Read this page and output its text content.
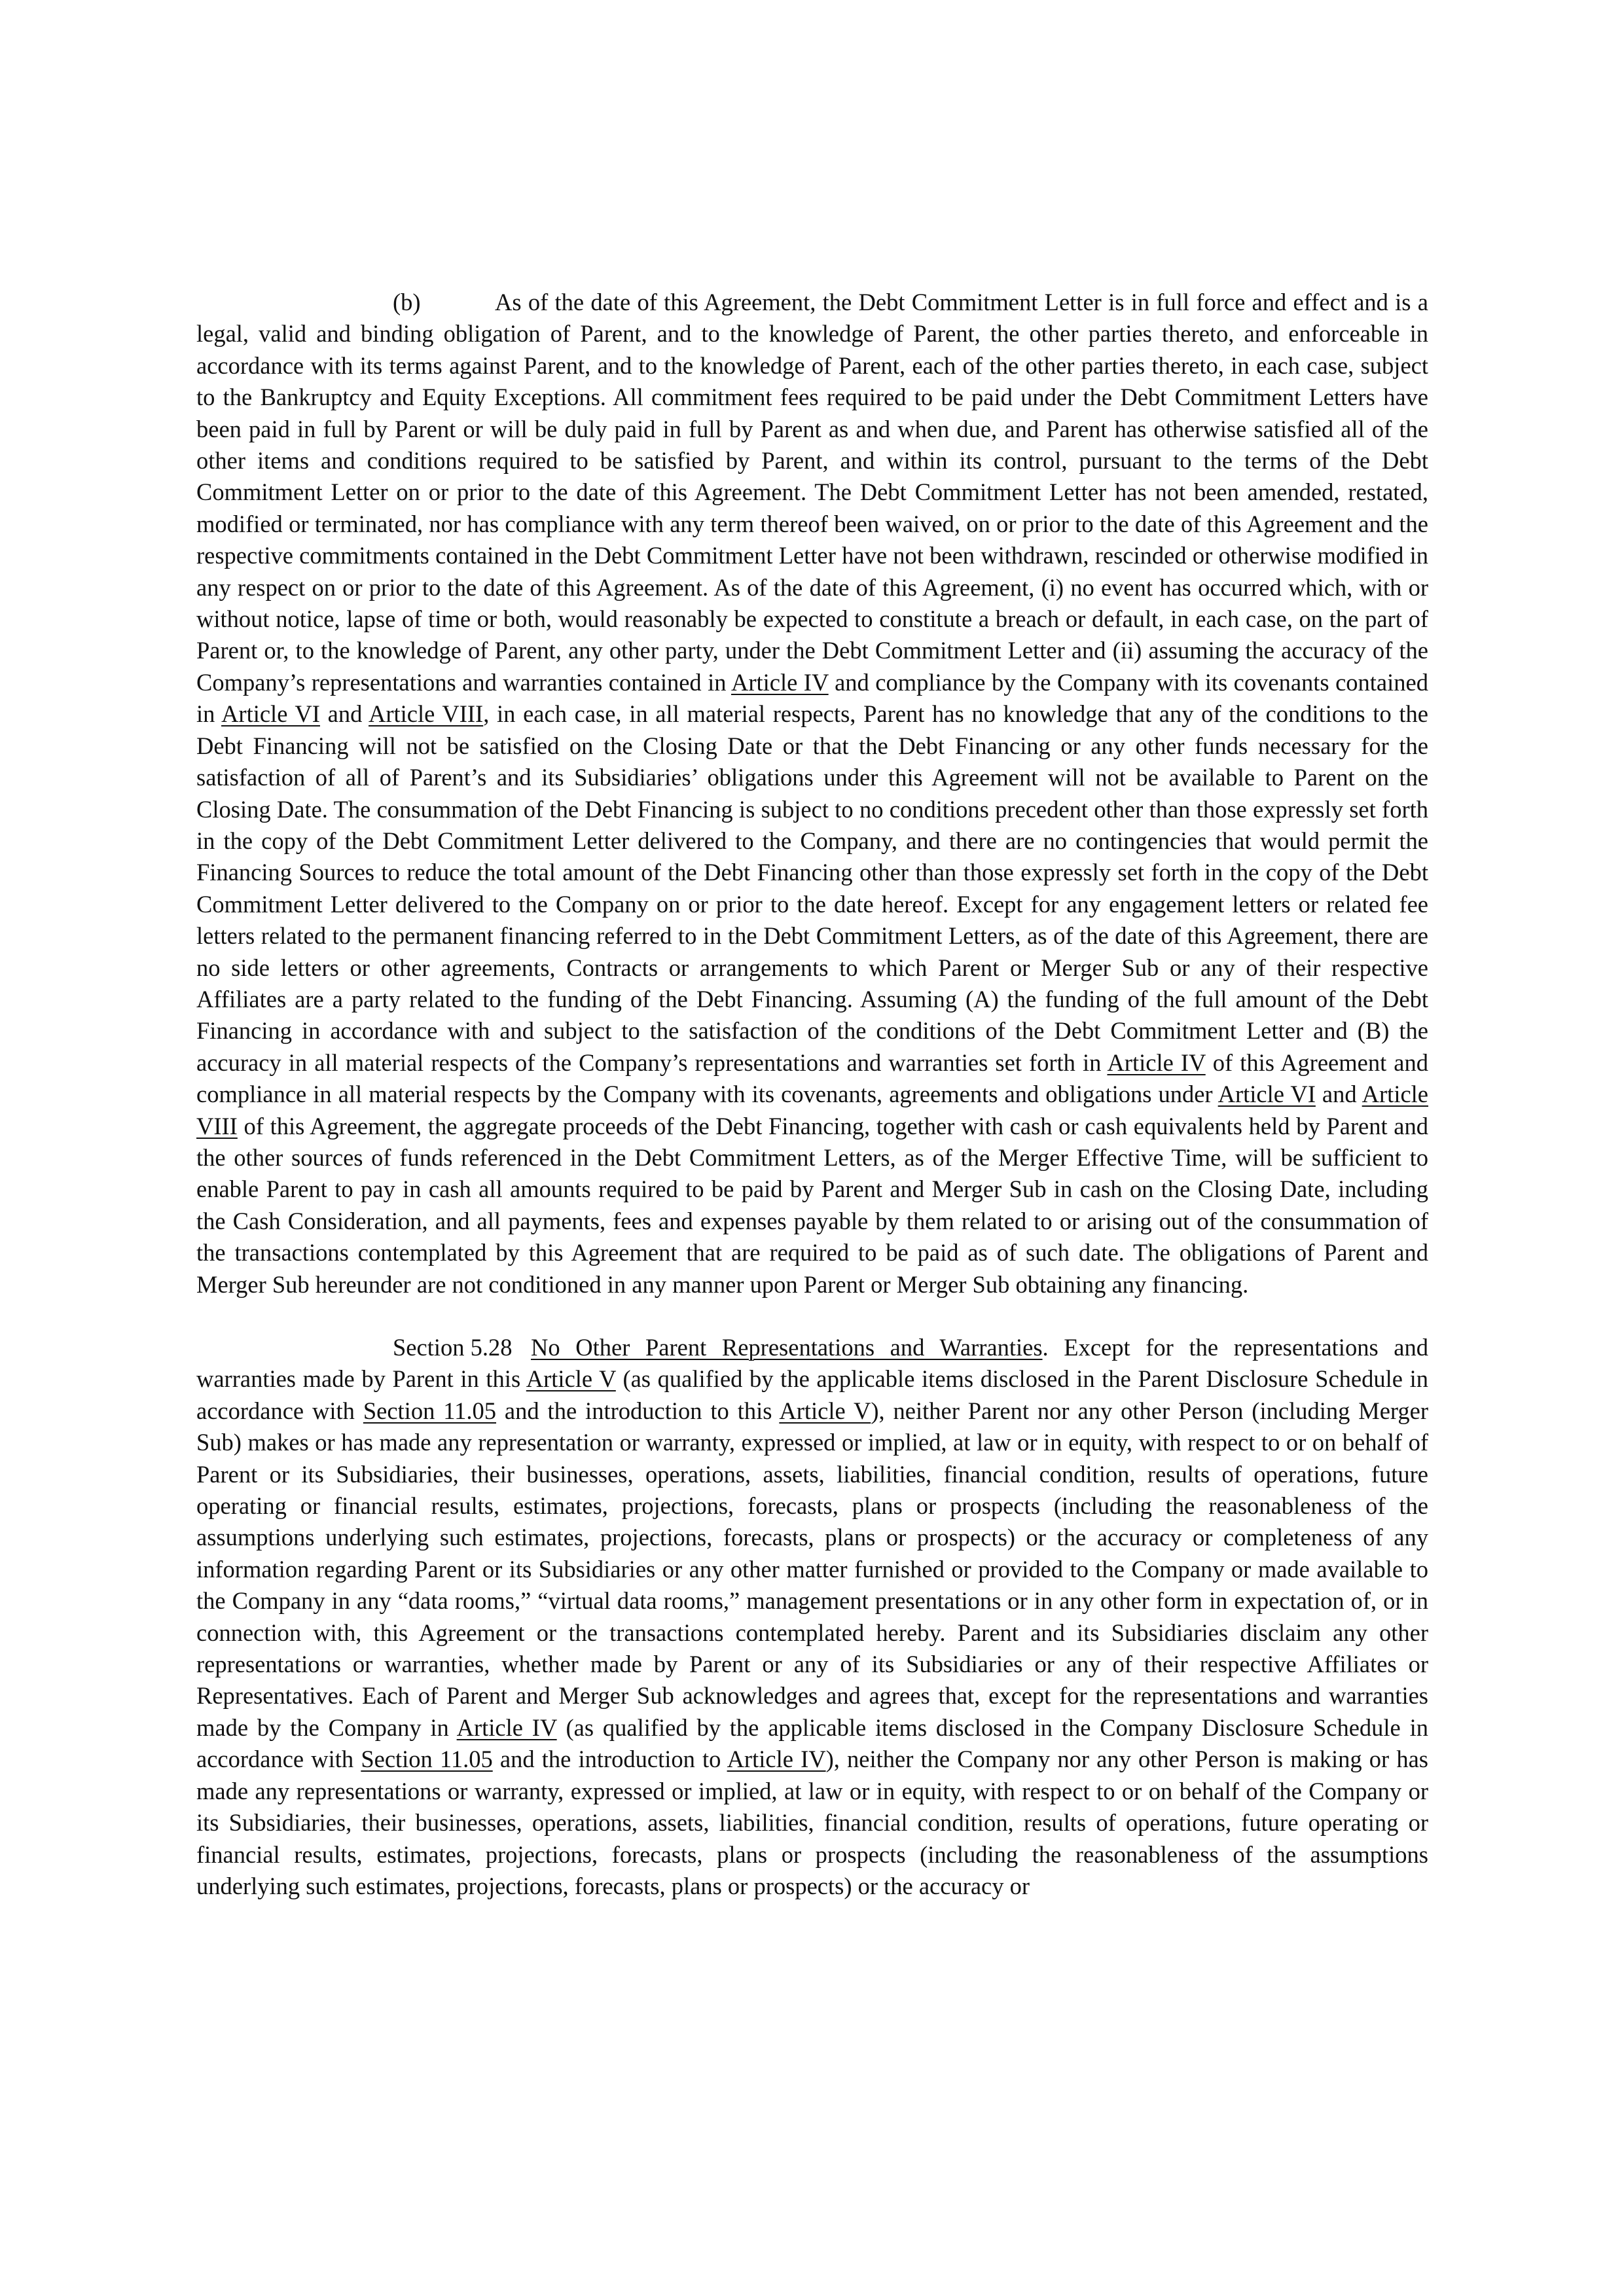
(b)	As of the date of this Agreement, the Debt Commitment Letter is in full force and effect and is a legal, valid and binding obligation of Parent, and to the knowledge of Parent, the other parties thereto, and enforceable in accordance with its terms against Parent, and to the knowledge of Parent, each of the other parties thereto, in each case, subject to the Bankruptcy and Equity Exceptions. All commitment fees required to be paid under the Debt Commitment Letters have been paid in full by Parent or will be duly paid in full by Parent as and when due, and Parent has otherwise satisfied all of the other items and conditions required to be satisfied by Parent, and within its control, pursuant to the terms of the Debt Commitment Letter on or prior to the date of this Agreement. The Debt Commitment Letter has not been amended, restated, modified or terminated, nor has compliance with any term thereof been waived, on or prior to the date of this Agreement and the respective commitments contained in the Debt Commitment Letter have not been withdrawn, rescinded or otherwise modified in any respect on or prior to the date of this Agreement. As of the date of this Agreement, (i) no event has occurred which, with or without notice, lapse of time or both, would reasonably be expected to constitute a breach or default, in each case, on the part of Parent or, to the knowledge of Parent, any other party, under the Debt Commitment Letter and (ii) assuming the accuracy of the Company’s representations and warranties contained in Article IV and compliance by the Company with its covenants contained in Article VI and Article VIII, in each case, in all material respects, Parent has no knowledge that any of the conditions to the Debt Financing will not be satisfied on the Closing Date or that the Debt Financing or any other funds necessary for the satisfaction of all of Parent’s and its Subsidiaries’ obligations under this Agreement will not be available to Parent on the Closing Date. The consummation of the Debt Financing is subject to no conditions precedent other than those expressly set forth in the copy of the Debt Commitment Letter delivered to the Company, and there are no contingencies that would permit the Financing Sources to reduce the total amount of the Debt Financing other than those expressly set forth in the copy of the Debt Commitment Letter delivered to the Company on or prior to the date hereof. Except for any engagement letters or related fee letters related to the permanent financing referred to in the Debt Commitment Letters, as of the date of this Agreement, there are no side letters or other agreements, Contracts or arrangements to which Parent or Merger Sub or any of their respective Affiliates are a party related to the funding of the Debt Financing. Assuming (A) the funding of the full amount of the Debt Financing in accordance with and subject to the satisfaction of the conditions of the Debt Commitment Letter and (B) the accuracy in all material respects of the Company’s representations and warranties set forth in Article IV of this Agreement and compliance in all material respects by the Company with its covenants, agreements and obligations under Article VI and Article VIII of this Agreement, the aggregate proceeds of the Debt Financing, together with cash or cash equivalents held by Parent and the other sources of funds referenced in the Debt Commitment Letters, as of the Merger Effective Time, will be sufficient to enable Parent to pay in cash all amounts required to be paid by Parent and Merger Sub in cash on the Closing Date, including the Cash Consideration, and all payments, fees and expenses payable by them related to or arising out of the consummation of the transactions contemplated by this Agreement that are required to be paid as of such date. The obligations of Parent and Merger Sub hereunder are not conditioned in any manner upon Parent or Merger Sub obtaining any financing.

Section 5.28 No Other Parent Representations and Warranties. Except for the representations and warranties made by Parent in this Article V (as qualified by the applicable items disclosed in the Parent Disclosure Schedule in accordance with Section 11.05 and the introduction to this Article V), neither Parent nor any other Person (including Merger Sub) makes or has made any representation or warranty, expressed or implied, at law or in equity, with respect to or on behalf of Parent or its Subsidiaries, their businesses, operations, assets, liabilities, financial condition, results of operations, future operating or financial results, estimates, projections, forecasts, plans or prospects (including the reasonableness of the assumptions underlying such estimates, projections, forecasts, plans or prospects) or the accuracy or completeness of any information regarding Parent or its Subsidiaries or any other matter furnished or provided to the Company or made available to the Company in any “data rooms,” “virtual data rooms,” management presentations or in any other form in expectation of, or in connection with, this Agreement or the transactions contemplated hereby. Parent and its Subsidiaries disclaim any other representations or warranties, whether made by Parent or any of its Subsidiaries or any of their respective Affiliates or Representatives. Each of Parent and Merger Sub acknowledges and agrees that, except for the representations and warranties made by the Company in Article IV (as qualified by the applicable items disclosed in the Company Disclosure Schedule in accordance with Section 11.05 and the introduction to Article IV), neither the Company nor any other Person is making or has made any representations or warranty, expressed or implied, at law or in equity, with respect to or on behalf of the Company or its Subsidiaries, their businesses, operations, assets, liabilities, financial condition, results of operations, future operating or financial results, estimates, projections, forecasts, plans or prospects (including the reasonableness of the assumptions underlying such estimates, projections, forecasts, plans or prospects) or the accuracy or
